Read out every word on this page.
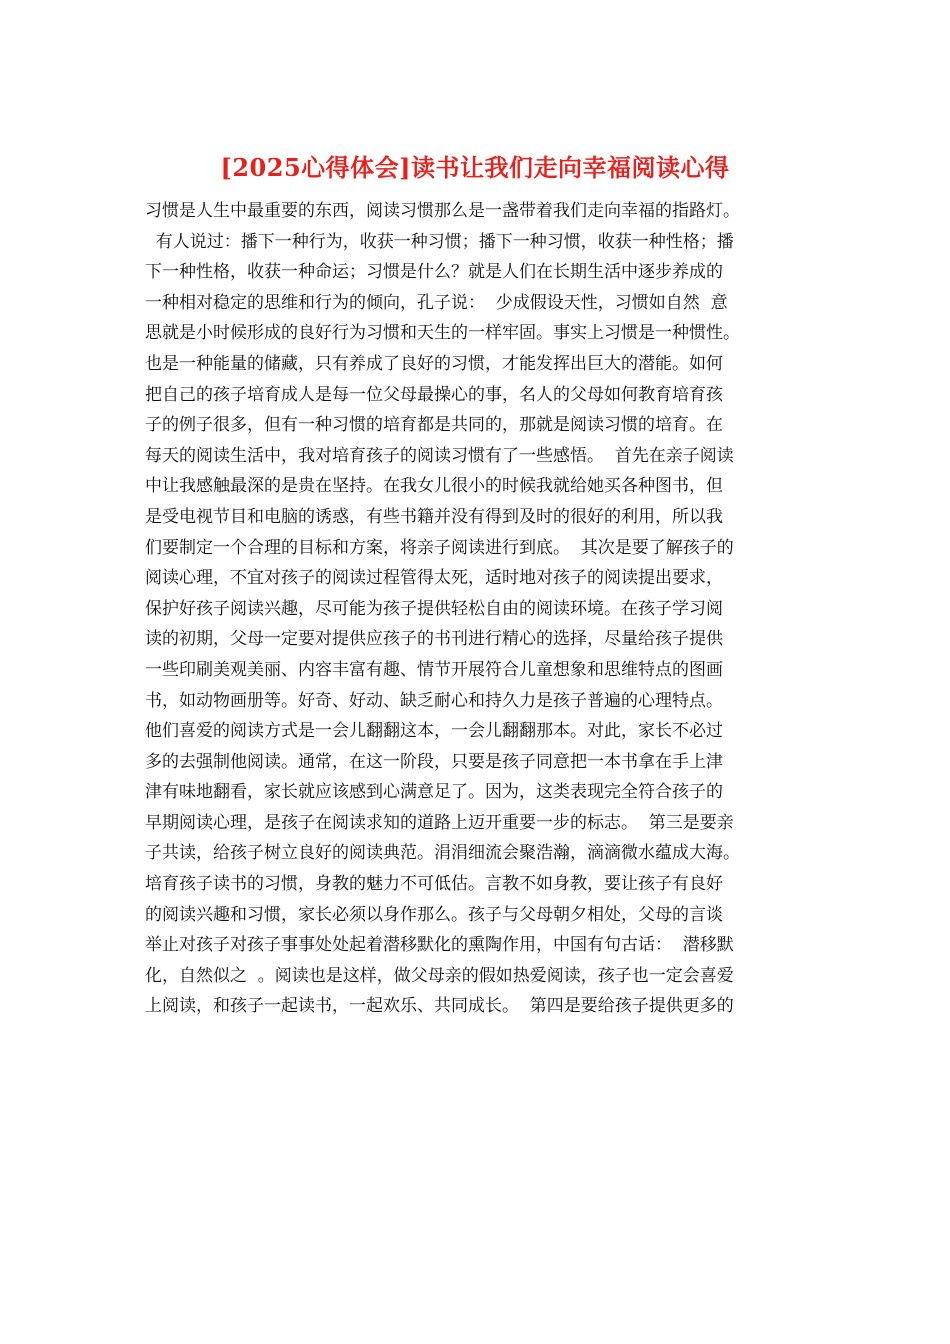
[2025心得体会]读书让我们走向幸福阅读心得
习惯是人生中最重要的东西，阅读习惯那么是一盏带着我们走向幸福的指路灯。
有人说过：播下一种行为，收获一种习惯；播下一种习惯，收获一种性格；播
下一种性格，收获一种命运；习惯是什么？就是人们在长期生活中逐步养成的
一种相对稳定的思维和行为的倾向，孔子说：  少成假设天性，习惯如自然  意
思就是小时候形成的良好行为习惯和天生的一样牢固。事实上习惯是一种惯性。
也是一种能量的储藏，只有养成了良好的习惯，才能发挥出巨大的潜能。如何
把自己的孩子培育成人是每一位父母最操心的事，名人的父母如何教育培育孩
子的例子很多，但有一种习惯的培育都是共同的，那就是阅读习惯的培育。在
每天的阅读生活中，我对培育孩子的阅读习惯有了一些感悟。  首先在亲子阅读
中让我感触最深的是贵在坚持。在我女儿很小的时候我就给她买各种图书，但
是受电视节目和电脑的诱惑，有些书籍并没有得到及时的很好的利用，所以我
们要制定一个合理的目标和方案，将亲子阅读进行到底。  其次是要了解孩子的
阅读心理，不宜对孩子的阅读过程管得太死，适时地对孩子的阅读提出要求，
保护好孩子阅读兴趣，尽可能为孩子提供轻松自由的阅读环境。在孩子学习阅
读的初期，父母一定要对提供应孩子的书刊进行精心的选择，尽量给孩子提供
一些印刷美观美丽、内容丰富有趣、情节开展符合儿童想象和思维特点的图画
书，如动物画册等。好奇、好动、缺乏耐心和持久力是孩子普遍的心理特点。
他们喜爱的阅读方式是一会儿翻翻这本，一会儿翻翻那本。对此，家长不必过
多的去强制他阅读。通常，在这一阶段，只要是孩子同意把一本书拿在手上津
津有味地翻看，家长就应该感到心满意足了。因为，这类表现完全符合孩子的
早期阅读心理，是孩子在阅读求知的道路上迈开重要一步的标志。  第三是要亲
子共读，给孩子树立良好的阅读典范。涓涓细流会聚浩瀚，滴滴微水蕴成大海。
培育孩子读书的习惯，身教的魅力不可低估。言教不如身教，要让孩子有良好
的阅读兴趣和习惯，家长必须以身作那么。孩子与父母朝夕相处，父母的言谈
举止对孩子对孩子事事处处起着潜移默化的熏陶作用，中国有句古话：  潜移默
化，自然似之  。阅读也是这样，做父母亲的假如热爱阅读，孩子也一定会喜爱
上阅读，和孩子一起读书，一起欢乐、共同成长。  第四是要给孩子提供更多的
